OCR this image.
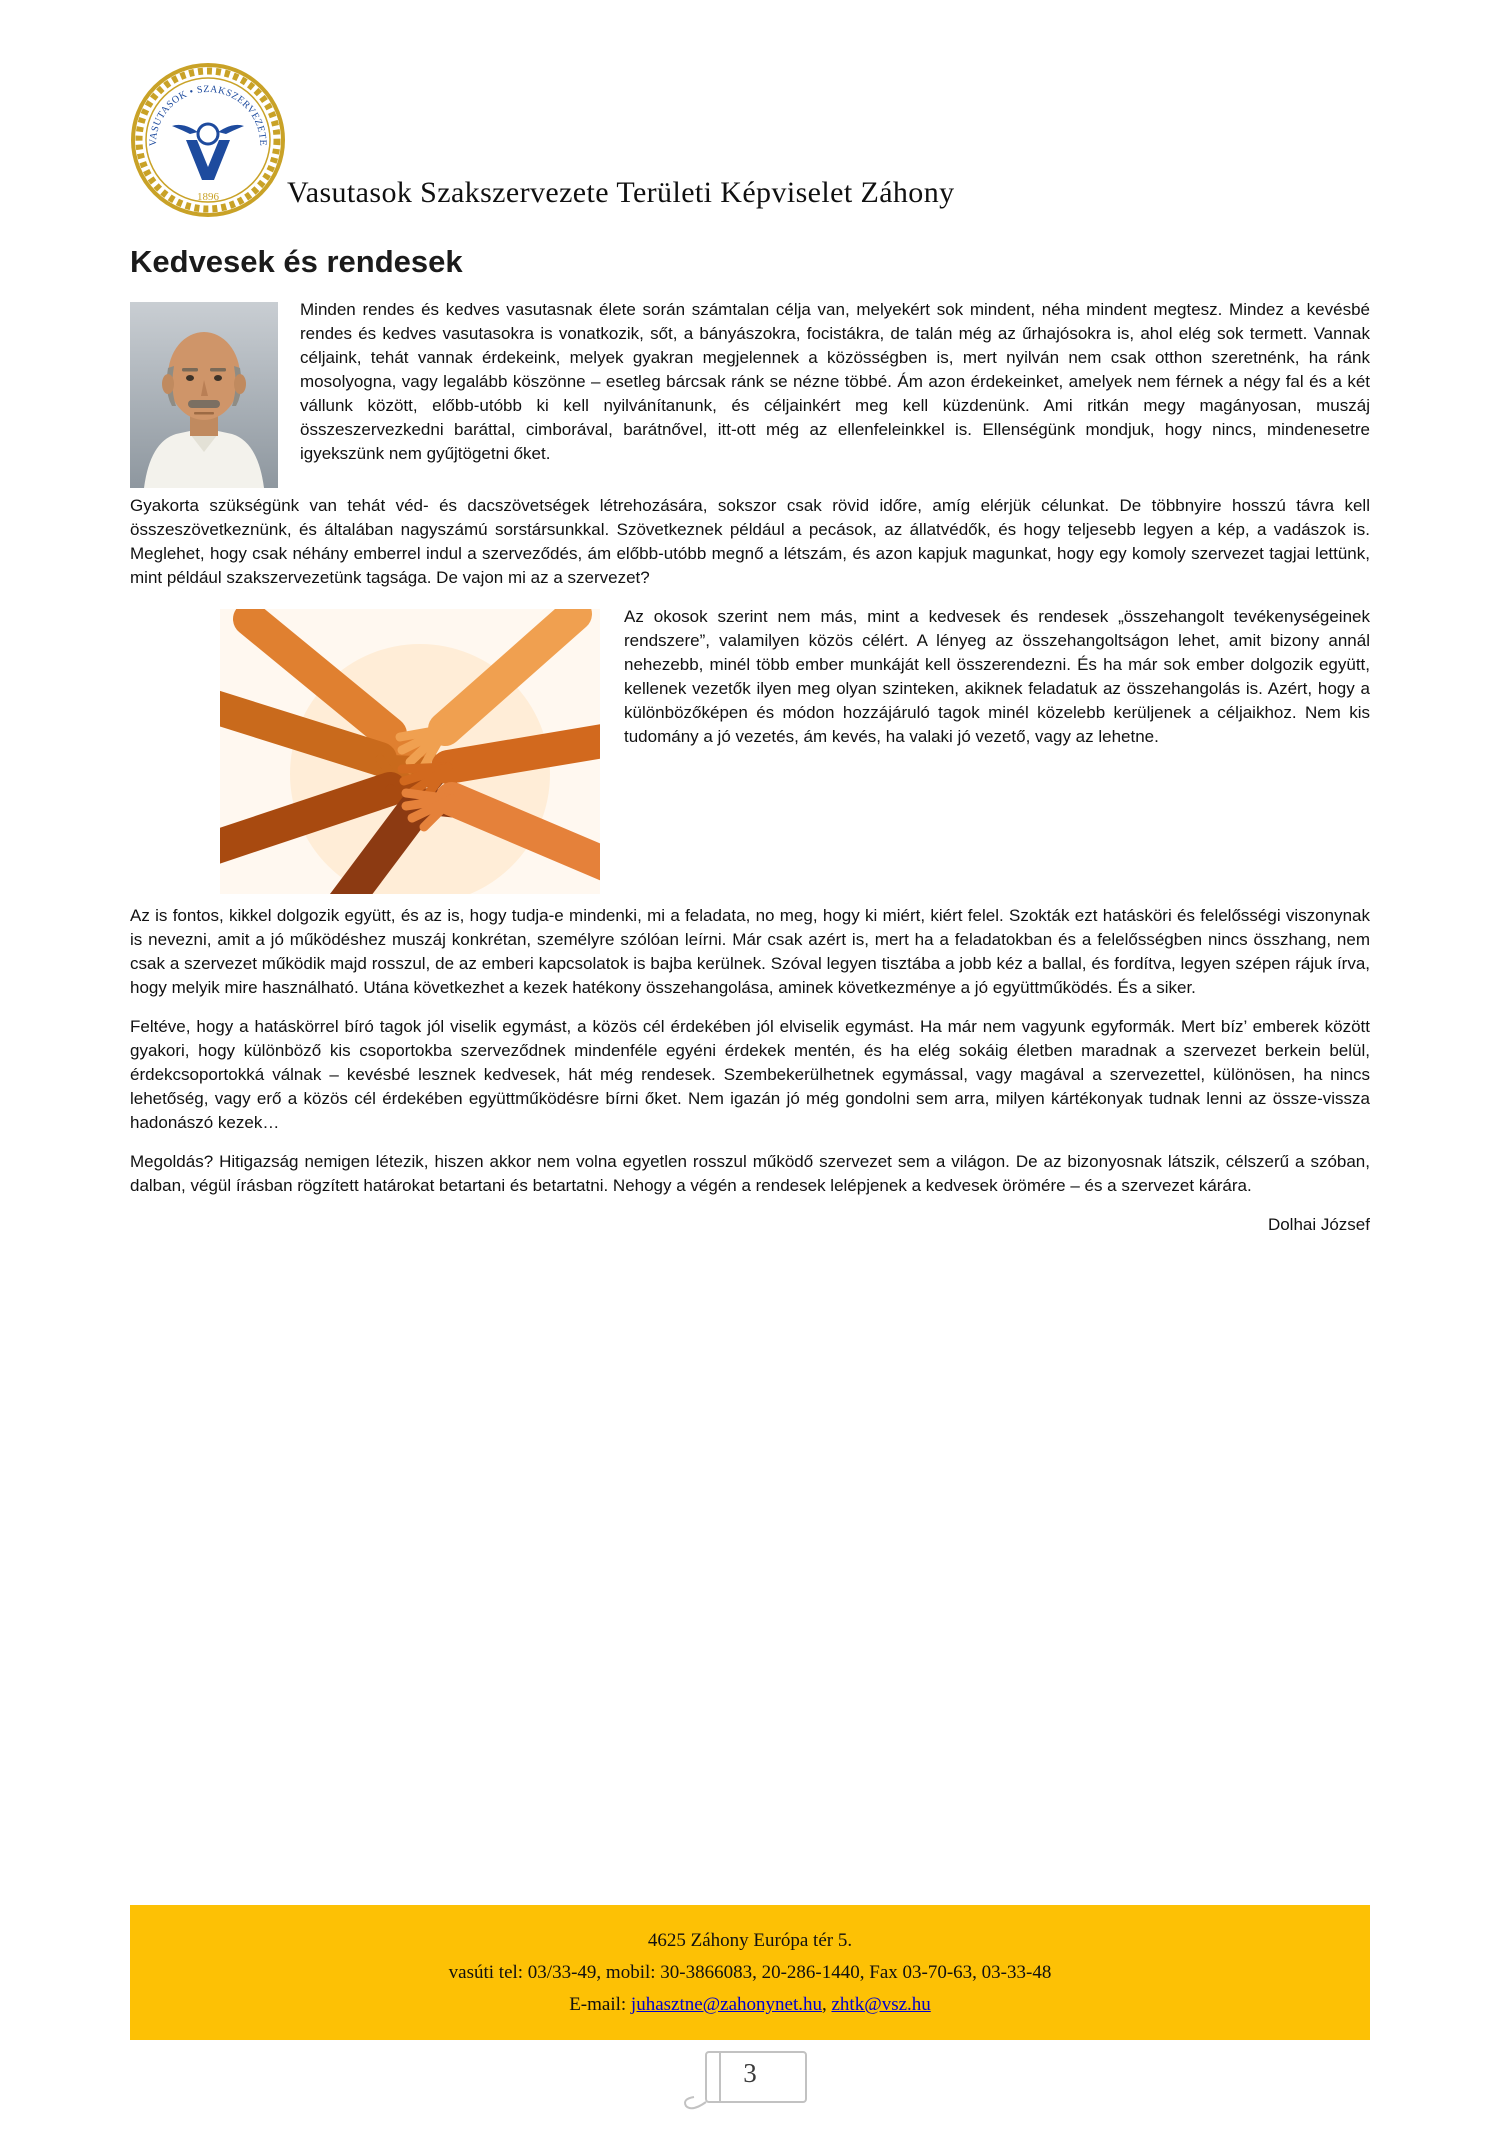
VASUTASOK • SZAKSZERVEZETE
1896 Vasutasok Szakszervezete Területi Képviselet Záhony
Kedvesek és rendesek

Minden rendes és kedves vasutasnak élete során számtalan célja van, melyekért sok mindent, néha mindent megtesz. Mindez a kevésbé rendes és kedves vasutasokra is vonatkozik, sőt, a bányászokra, focistákra, de talán még az űrhajósokra is, ahol elég sok termett. Vannak céljaink, tehát vannak érdekeink, melyek gyakran megjelennek a közösségben is, mert nyilván nem csak otthon szeretnénk, ha ránk mosolyogna, vagy legalább köszönne – esetleg bárcsak ránk se nézne többé. Ám azon érdekeinket, amelyek nem férnek a négy fal és a két vállunk között, előbb-utóbb ki kell nyilvánítanunk, és céljainkért meg kell küzdenünk. Ami ritkán megy magányosan, muszáj összeszervezkedni baráttal, cimborával, barátnővel, itt-ott még az ellenfeleinkkel is. Ellenségünk mondjuk, hogy nincs, mindenesetre igyekszünk nem gyűjtögetni őket.

Gyakorta szükségünk van tehát véd- és dacszövetségek létrehozására, sokszor csak rövid időre, amíg elérjük célunkat. De többnyire hosszú távra kell összeszövetkeznünk, és általában nagyszámú sorstársunkkal. Szövetkeznek például a pecások, az állatvédők, és hogy teljesebb legyen a kép, a vadászok is. Meglehet, hogy csak néhány emberrel indul a szerveződés, ám előbb-utóbb megnő a létszám, és azon kapjuk magunkat, hogy egy komoly szervezet tagjai lettünk, mint például szakszervezetünk tagsága. De vajon mi az a szervezet?

Az okosok szerint nem más, mint a kedvesek és rendesek „összehangolt tevékenységeinek rendszere”, valamilyen közös célért. A lényeg az összehangoltságon lehet, amit bizony annál nehezebb, minél több ember munkáját kell összerendezni. És ha már sok ember dolgozik együtt, kellenek vezetők ilyen meg olyan szinteken, akiknek feladatuk az összehangolás is. Azért, hogy a különbözőképen és módon hozzájáruló tagok minél közelebb kerüljenek a céljaikhoz. Nem kis tudomány a jó vezetés, ám kevés, ha valaki jó vezető, vagy az lehetne.

Az is fontos, kikkel dolgozik együtt, és az is, hogy tudja-e mindenki, mi a feladata, no meg, hogy ki miért, kiért felel. Szokták ezt hatásköri és felelősségi viszonynak is nevezni, amit a jó működéshez muszáj konkrétan, személyre szólóan leírni. Már csak azért is, mert ha a feladatokban és a felelősségben nincs összhang, nem csak a szervezet működik majd rosszul, de az emberi kapcsolatok is bajba kerülnek. Szóval legyen tisztába a jobb kéz a ballal, és fordítva, legyen szépen rájuk írva, hogy melyik mire használható. Utána következhet a kezek hatékony összehangolása, aminek következménye a jó együttműködés. És a siker.

Feltéve, hogy a hatáskörrel bíró tagok jól viselik egymást, a közös cél érdekében jól elviselik egymást. Ha már nem vagyunk egyformák. Mert bíz’ emberek között gyakori, hogy különböző kis csoportokba szerveződnek mindenféle egyéni érdekek mentén, és ha elég sokáig életben maradnak a szervezet berkein belül, érdekcsoportokká válnak – kevésbé lesznek kedvesek, hát még rendesek. Szembekerülhetnek egymással, vagy magával a szervezettel, különösen, ha nincs lehetőség, vagy erő a közös cél érdekében együttműködésre bírni őket. Nem igazán jó még gondolni sem arra, milyen kártékonyak tudnak lenni az össze-vissza hadonászó kezek…

Megoldás? Hitigazság nemigen létezik, hiszen akkor nem volna egyetlen rosszul működő szervezet sem a világon. De az bizonyosnak látszik, célszerű a szóban, dalban, végül írásban rögzített határokat betartani és betartatni. Nehogy a végén a rendesek lelépjenek a kedvesek örömére – és a szervezet kárára.

Dolhai József

4625 Záhony Európa tér 5.
vasúti tel: 03/33-49, mobil: 30-3866083, 20-286-1440, Fax 03-70-63, 03-33-48
E-mail: juhasztne@zahonynet.hu, zhtk@vsz.hu
3
